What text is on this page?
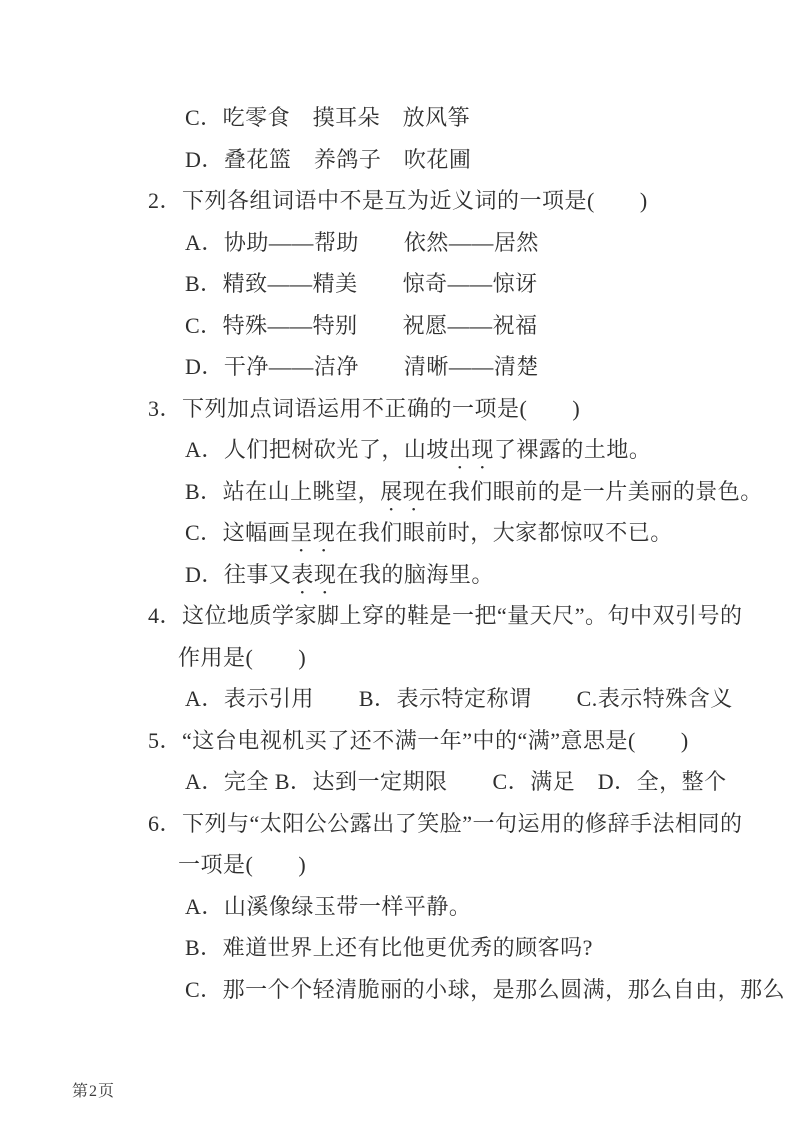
C．吃零食　摸耳朵　放风筝
D．叠花篮　养鸽子　吹花圃
2．下列各组词语中不是互为近义词的一项是(　　)
A．协助——帮助　　依然——居然
B．精致——精美　　惊奇——惊讶
C．特殊——特别　　祝愿——祝福
D．干净——洁净　　清晰——清楚
3．下列加点词语运用不正确的一项是(　　)
A．人们把树砍光了，山坡出现了裸露的土地。
B．站在山上眺望，展现在我们眼前的是一片美丽的景色。
C．这幅画呈现在我们眼前时，大家都惊叹不已。
D．往事又表现在我的脑海里。
4．这位地质学家脚上穿的鞋是一把“量天尺”。句中双引号的
作用是(　　)
A．表示引用　　B．表示特定称谓　　C.表示特殊含义
5．“这台电视机买了还不满一年”中的“满”意思是(　　)
A．完全 B．达到一定期限　　C．满足　D．全，整个
6．下列与“太阳公公露出了笑脸”一句运用的修辞手法相同的
一项是(　　)
A．山溪像绿玉带一样平静。
B．难道世界上还有比他更优秀的顾客吗?
C．那一个个轻清脆丽的小球，是那么圆满，那么自由，那么
第2页
